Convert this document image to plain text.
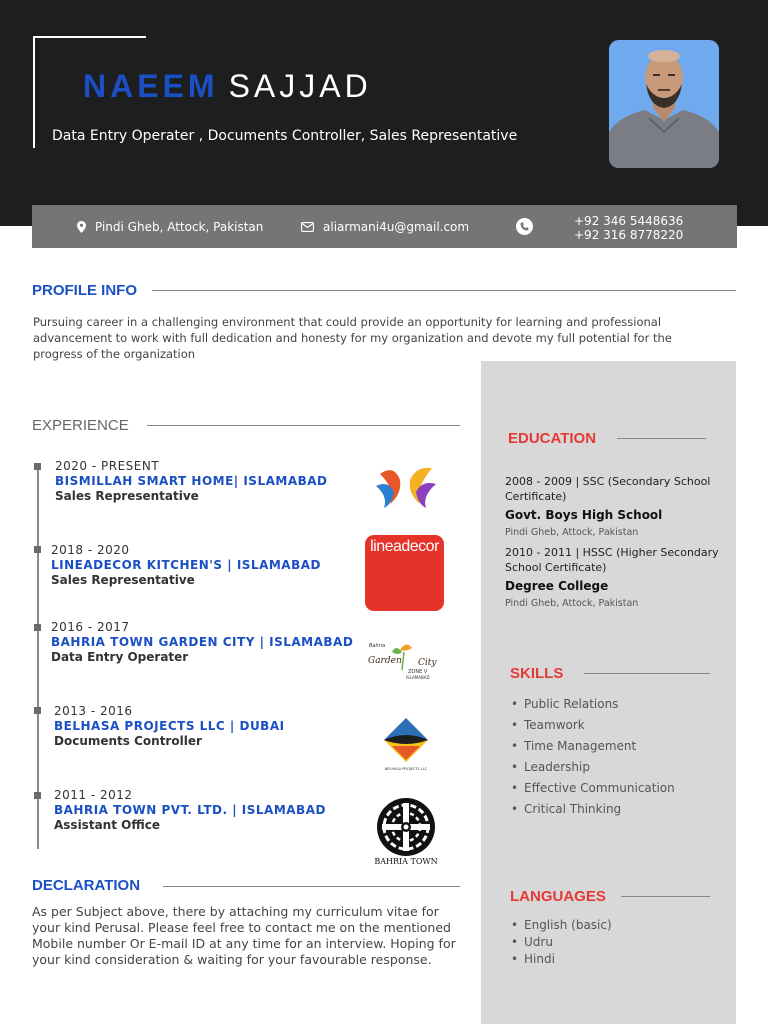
NAEEM SAJJAD
Data Entry Operater , Documents Controller, Sales Representative
Pindi Gheb, Attock, Pakistan	aliarmani4u@gmail.com	+92 346 5448636
+92 316 8778220
PROFILE INFO
Pursuing career in a challenging environment that could provide an opportunity for learning and professional advancement to work with full dedication and honesty for my organization and devote my full potential for the progress of the organization
EXPERIENCE
2020 - PRESENT
BISMILLAH SMART HOME| ISLAMABAD
Sales Representative
2018 - 2020
LINEADECOR KITCHEN'S | ISLAMABAD
Sales Representative
2016 - 2017
BAHRIA TOWN GARDEN CITY | ISLAMABAD
Data Entry Operater
2013 - 2016
BELHASA PROJECTS LLC | DUBAI
Documents Controller
2011 - 2012
BAHRIA TOWN PVT. LTD. | ISLAMABAD
Assistant Office
lineadecor
Bahria
Garden City
ZONE V
ISLAMABAD
BELHASA PROJECTS LLC
BAHRIA TOWN
DECLARATION
As per Subject above, there by attaching my curriculum vitae for your kind Perusal. Please feel free to contact me on the mentioned Mobile number Or E-mail ID at any time for an interview. Hoping for your kind consideration & waiting for your favourable response.
EDUCATION
2008 - 2009 | SSC (Secondary School Certificate)
Govt. Boys High School
Pindi Gheb, Attock, Pakistan
2010 - 2011 | HSSC (Higher Secondary School Certificate)
Degree College
Pindi Gheb, Attock, Pakistan
SKILLS
• Public Relations
• Teamwork
• Time Management
• Leadership
• Effective Communication
• Critical Thinking
LANGUAGES
• English (basic)
• Udru
• Hindi
